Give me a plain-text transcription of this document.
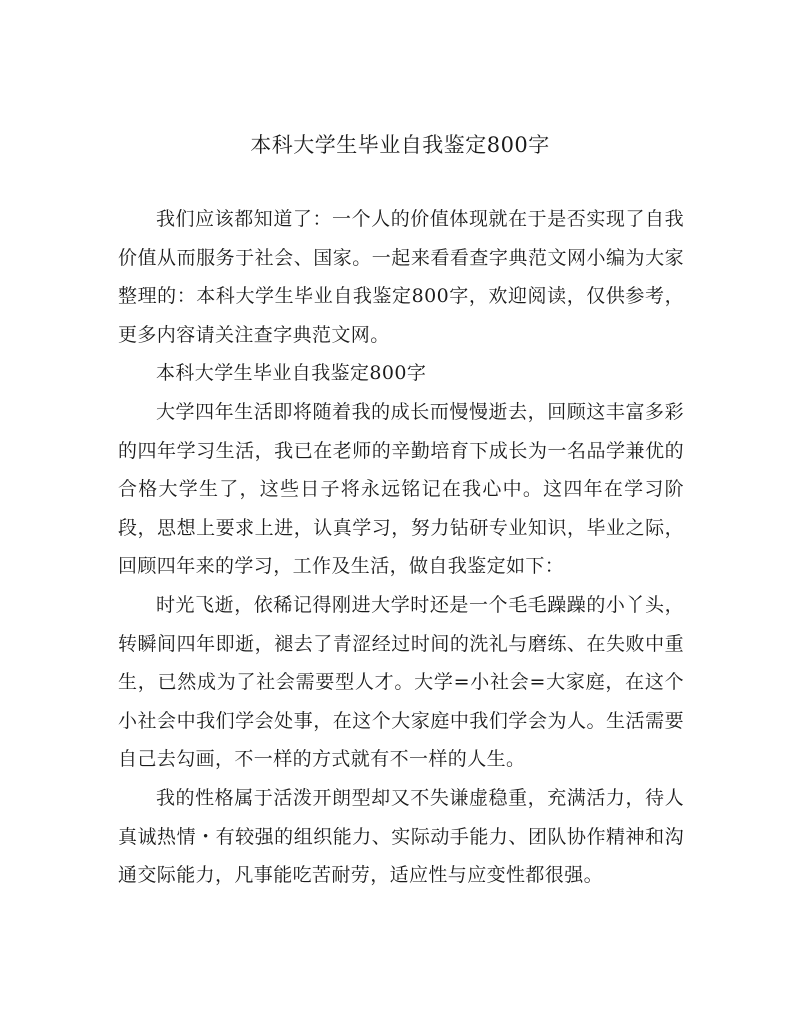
本科大学生毕业自我鉴定800字

我们应该都知道了：一个人的价值体现就在于是否实现了自我价值从而服务于社会、国家。一起来看看查字典范文网小编为大家整理的：本科大学生毕业自我鉴定800字，欢迎阅读，仅供参考，更多内容请关注查字典范文网。

本科大学生毕业自我鉴定800字

大学四年生活即将随着我的成长而慢慢逝去，回顾这丰富多彩的四年学习生活，我已在老师的辛勤培育下成长为一名品学兼优的合格大学生了，这些日子将永远铭记在我心中。这四年在学习阶段，思想上要求上进，认真学习，努力钻研专业知识，毕业之际，回顾四年来的学习，工作及生活，做自我鉴定如下：

时光飞逝，依稀记得刚进大学时还是一个毛毛躁躁的小丫头，转瞬间四年即逝，褪去了青涩经过时间的洗礼与磨练、在失败中重生，已然成为了社会需要型人才。大学=小社会=大家庭，在这个小社会中我们学会处事，在这个大家庭中我们学会为人。生活需要自己去勾画，不一样的方式就有不一样的人生。

我的性格属于活泼开朗型却又不失谦虚稳重，充满活力，待人真诚热情・有较强的组织能力、实际动手能力、团队协作精神和沟通交际能力，凡事能吃苦耐劳，适应性与应变性都很强。
